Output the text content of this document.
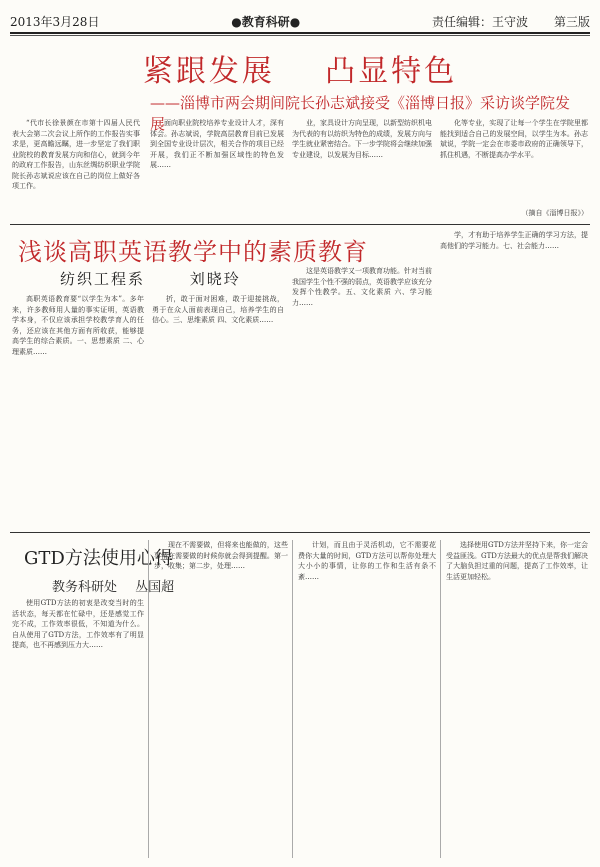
2013年3月28日	●教育科研●	责任编辑：王守波 第三版
紧跟发展 凸显特色
——淄博市两会期间院长孙志斌接受《淄博日报》采访谈学院发展

“代市长徐景颜在市第十四届人民代表大会第二次会议上所作的工作报告实事求是，更高瞻远瞩，进一步坚定了我们职业院校的教育发展方向和信心，就到今年的政府工作报告，山东丝绸纺织职业学院院长孙志斌说应该在自己的岗位上做好各项工作。

面向职业院校培养专业设计人才，深有体会。孙志斌说，学院高层教育目前已发展到全国专业设计层次，相关合作的项目已经开展，我们正不断加强区域性的特色发展……

业，家具设计方向呈现，以新型纺织机电为代表的有以纺织为特色的成绩，发展方向与学生就业紧密结合。下一步学院将会继续加强专业建设，以发展为目标……

化等专业，实现了让每一个学生在学院里都能找到适合自己的发展空间，以学生为本。孙志斌说，学院一定会在市委市政府的正确领导下，抓住机遇，不断提高办学水平。

（摘自《淄博日报》）
浅谈高职英语教学中的素质教育
纺织工程系	刘晓玲

高职英语教育要“以学生为本”。多年来，许多教师用人量的事实证明，英语教学本身，不仅应该承担学校教学育人的任务，还应该在其他方面有所收获，能够提高学生的综合素质。一、思想素质 二、心理素质……

折，敢于面对困难，敢于迎接挑战，勇于在众人面前表现自己，培养学生的自信心。三、思维素质 四、文化素质……

这是英语教学又一项教育功能。针对当前我国学生个性不强的弱点，英语教学应该充分发挥个性教学。五、文化素质 六、学习能力……

学，才有助于培养学生正确的学习方法，提高他们的学习能力。七、社会能力……

GTD方法使用心得
教务科研处 丛国超

使用GTD方法的初衷是改变当时的生活状态，每天都在忙碌中，还是感觉工作完不成，工作效率很低，不知道为什么。自从使用了GTD方法，工作效率有了明显提高，也不再感到压力大……

现在不需要做，但将来也能做的，这些事情在需要做的时候你就会得到提醒。第一步，收集；第二步，处理……

计划，而且由于灵活机动，它不需要花费你大量的时间，GTD方法可以帮你处理大大小小的事情，让你的工作和生活有条不紊……

选择使用GTD方法并坚持下来，你一定会受益匪浅。GTD方法最大的优点是帮我们解决了大脑负担过重的问题，提高了工作效率，让生活更加轻松。
